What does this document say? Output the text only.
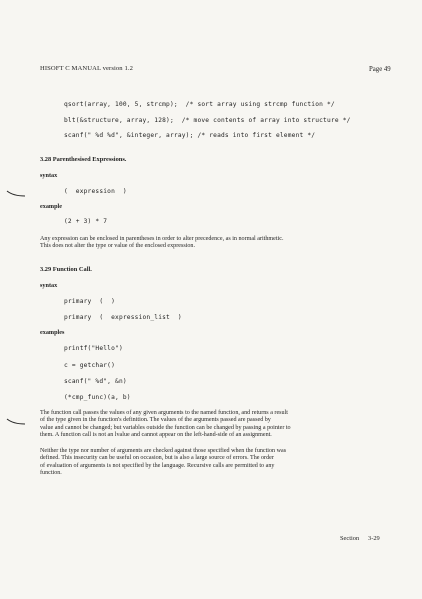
HISOFT C MANUAL version 1.2	Page 49
qsort(array, 100, 5, strcmp);  /* sort array using strcmp function */
blt(&structure, array, 128);  /* move contents of array into structure */
scanf(" %d %d", &integer, array); /* reads into first element */
3.28 Parenthesised Expressions.
syntax
(  expression  )
example
(2 + 3) * 7
Any expression can be enclosed in parentheses in order to alter precedence, as in normal arithmetic.
This does not alter the type or value of the enclosed expression.
3.29 Function Call.
syntax
primary  (  )
primary  (  expression_list  )
examples
printf("Hello")
c = getchar()
scanf(" %d", &n)
(*cmp_func)(a, b)
The function call passes the values of any given arguments to the named function, and returns a result
of the type given in the function's definition. The values of the arguments passed are passed by
value and cannot be changed; but variables outside the function can be changed by passing a pointer to
them. A function call is not an lvalue and cannot appear on the left-hand-side of an assignment.
Neither the type nor number of arguments are checked against those specified when the function was
defined. This insecurity can be useful on occasion, but is also a large source of errors. The order
of evaluation of arguments is not specified by the language. Recursive calls are permitted to any
function.
Section 3-29
